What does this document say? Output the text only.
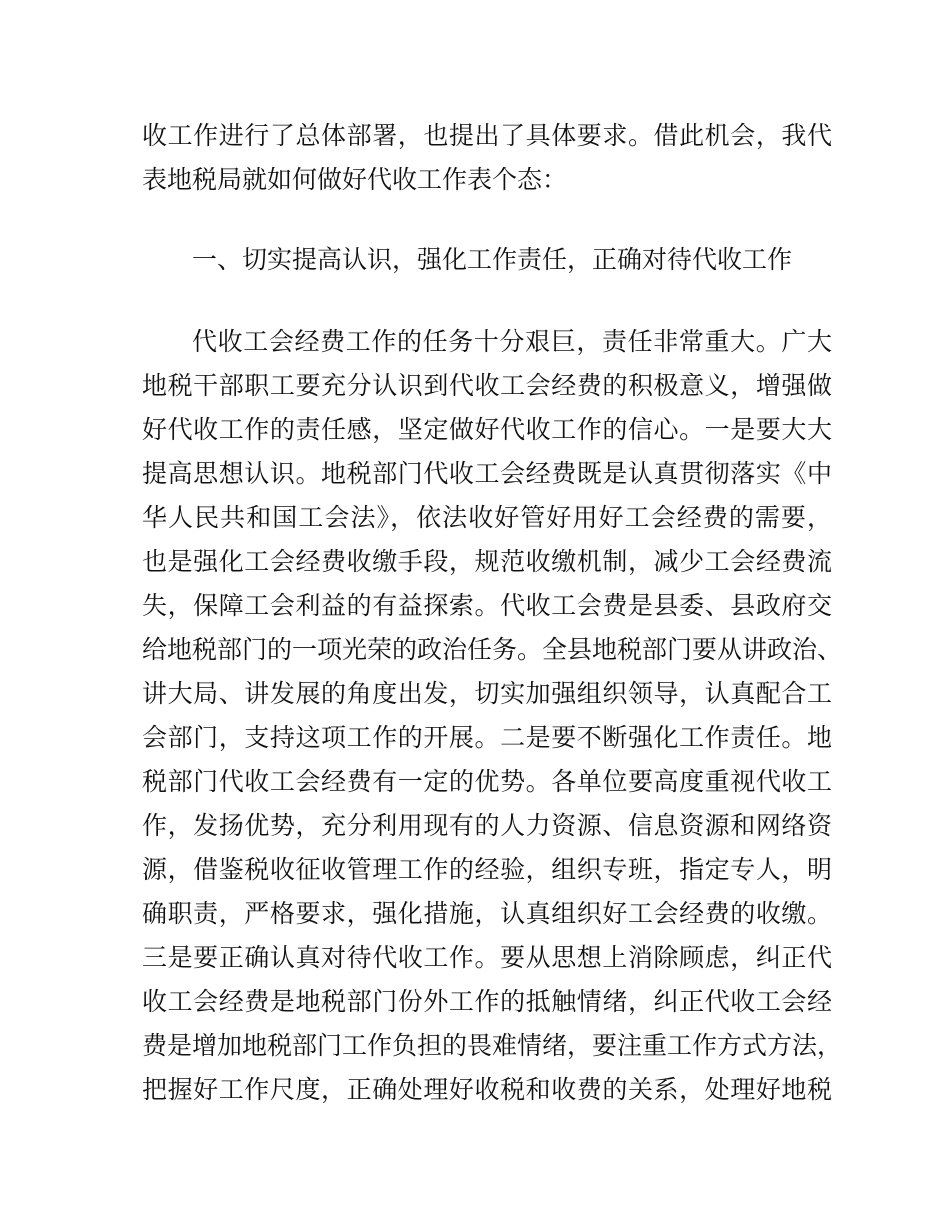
收工作进行了总体部署，也提出了具体要求。借此机会，我代
表地税局就如何做好代收工作表个态：
一、切实提高认识，强化工作责任，正确对待代收工作
代收工会经费工作的任务十分艰巨，责任非常重大。广大
地税干部职工要充分认识到代收工会经费的积极意义，增强做
好代收工作的责任感，坚定做好代收工作的信心。一是要大大
提高思想认识。地税部门代收工会经费既是认真贯彻落实《中
华人民共和国工会法》，依法收好管好用好工会经费的需要，
也是强化工会经费收缴手段，规范收缴机制，减少工会经费流
失，保障工会利益的有益探索。代收工会费是县委、县政府交
给地税部门的一项光荣的政治任务。全县地税部门要从讲政治、
讲大局、讲发展的角度出发，切实加强组织领导，认真配合工
会部门，支持这项工作的开展。二是要不断强化工作责任。地
税部门代收工会经费有一定的优势。各单位要高度重视代收工
作，发扬优势，充分利用现有的人力资源、信息资源和网络资
源，借鉴税收征收管理工作的经验，组织专班，指定专人，明
确职责，严格要求，强化措施，认真组织好工会经费的收缴。
三是要正确认真对待代收工作。要从思想上消除顾虑，纠正代
收工会经费是地税部门份外工作的抵触情绪，纠正代收工会经
费是增加地税部门工作负担的畏难情绪，要注重工作方式方法，
把握好工作尺度，正确处理好收税和收费的关系，处理好地税
